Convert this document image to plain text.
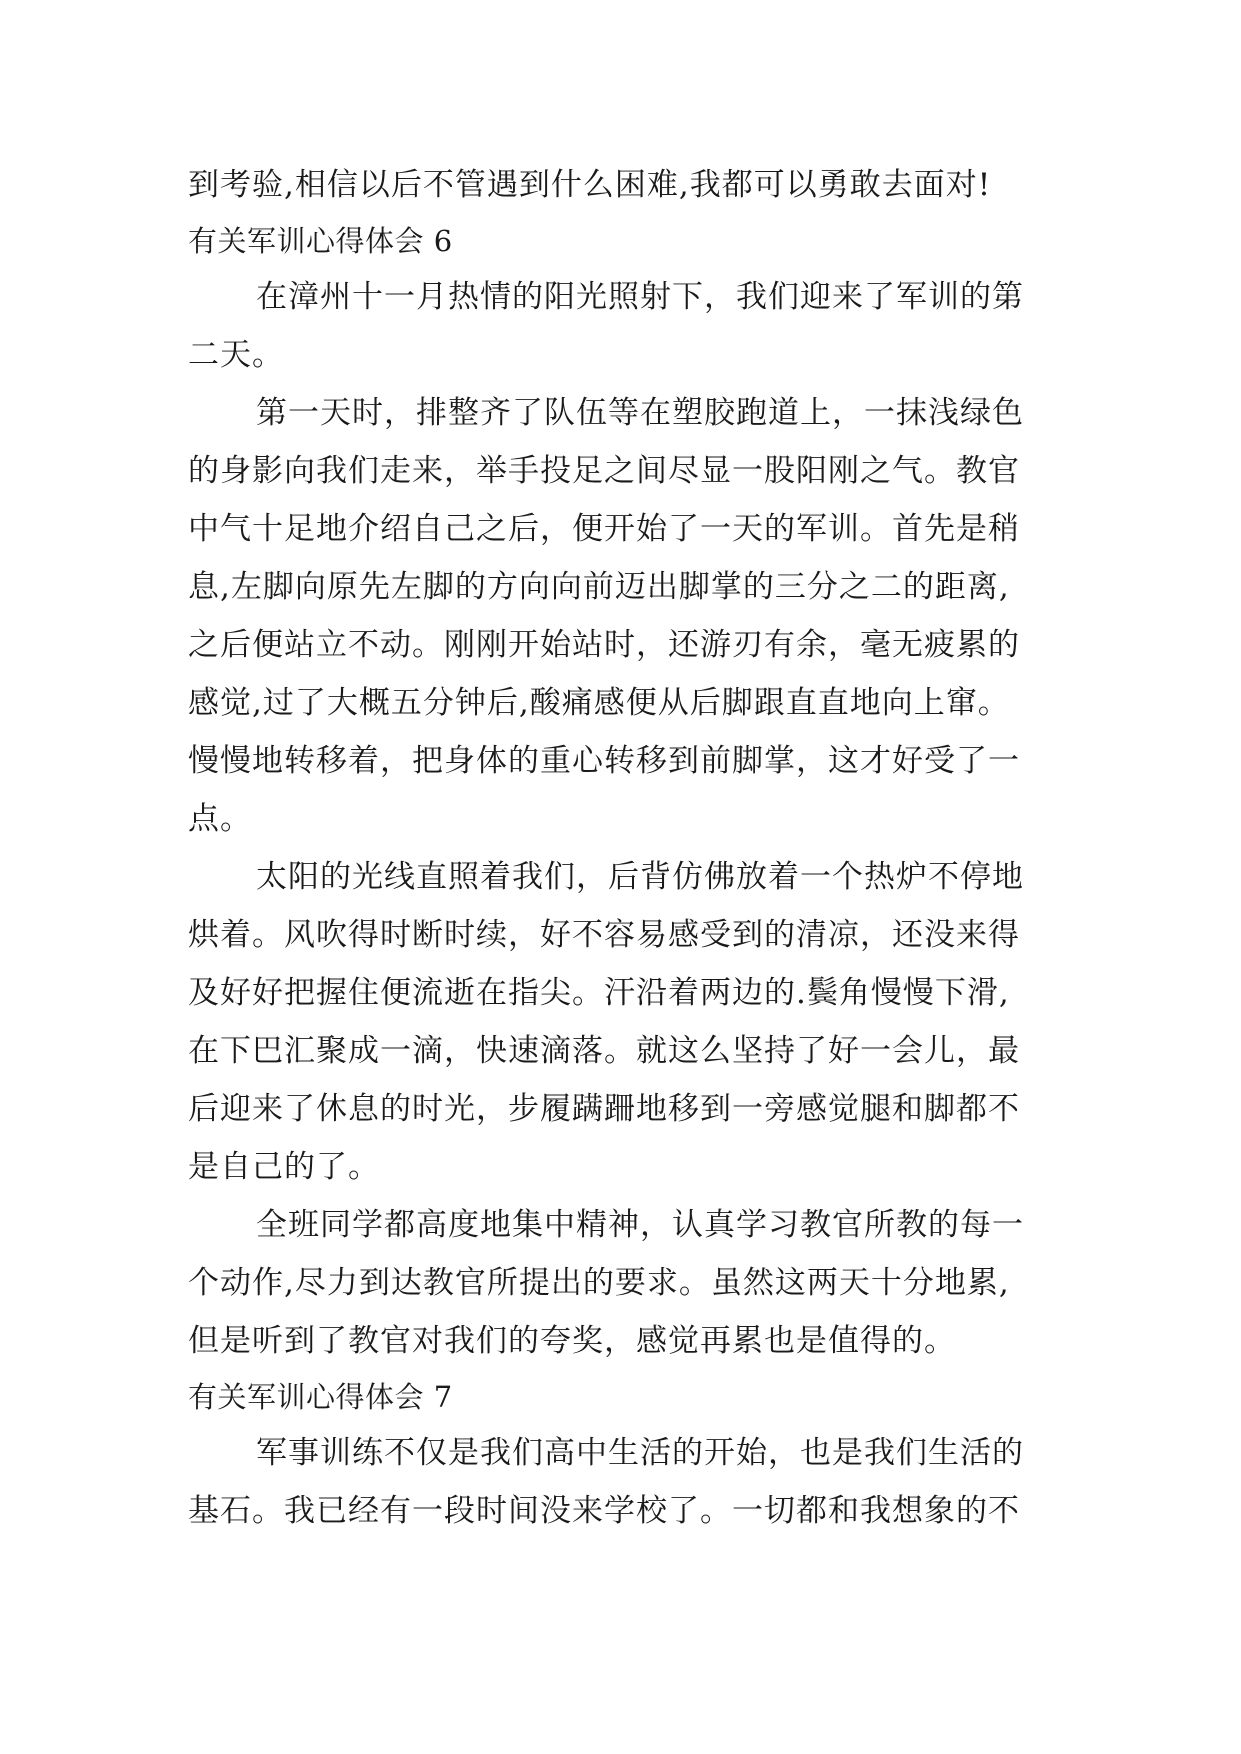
到考验,相信以后不管遇到什么困难,我都可以勇敢去面对!
有关军训心得体会 6
在漳州十一月热情的阳光照射下，我们迎来了军训的第
二天。
第一天时，排整齐了队伍等在塑胶跑道上，一抹浅绿色
的身影向我们走来，举手投足之间尽显一股阳刚之气。教官
中气十足地介绍自己之后，便开始了一天的军训。首先是稍
息,左脚向原先左脚的方向向前迈出脚掌的三分之二的距离,
之后便站立不动。刚刚开始站时，还游刃有余，毫无疲累的
感觉,过了大概五分钟后,酸痛感便从后脚跟直直地向上窜。
慢慢地转移着，把身体的重心转移到前脚掌，这才好受了一
点。
太阳的光线直照着我们，后背仿佛放着一个热炉不停地
烘着。风吹得时断时续，好不容易感受到的清凉，还没来得
及好好把握住便流逝在指尖。汗沿着两边的.鬓角慢慢下滑,
在下巴汇聚成一滴，快速滴落。就这么坚持了好一会儿，最
后迎来了休息的时光，步履蹒跚地移到一旁感觉腿和脚都不
是自己的了。
全班同学都高度地集中精神，认真学习教官所教的每一
个动作,尽力到达教官所提出的要求。虽然这两天十分地累,
但是听到了教官对我们的夸奖，感觉再累也是值得的。
有关军训心得体会 7
军事训练不仅是我们高中生活的开始，也是我们生活的
基石。我已经有一段时间没来学校了。一切都和我想象的不
